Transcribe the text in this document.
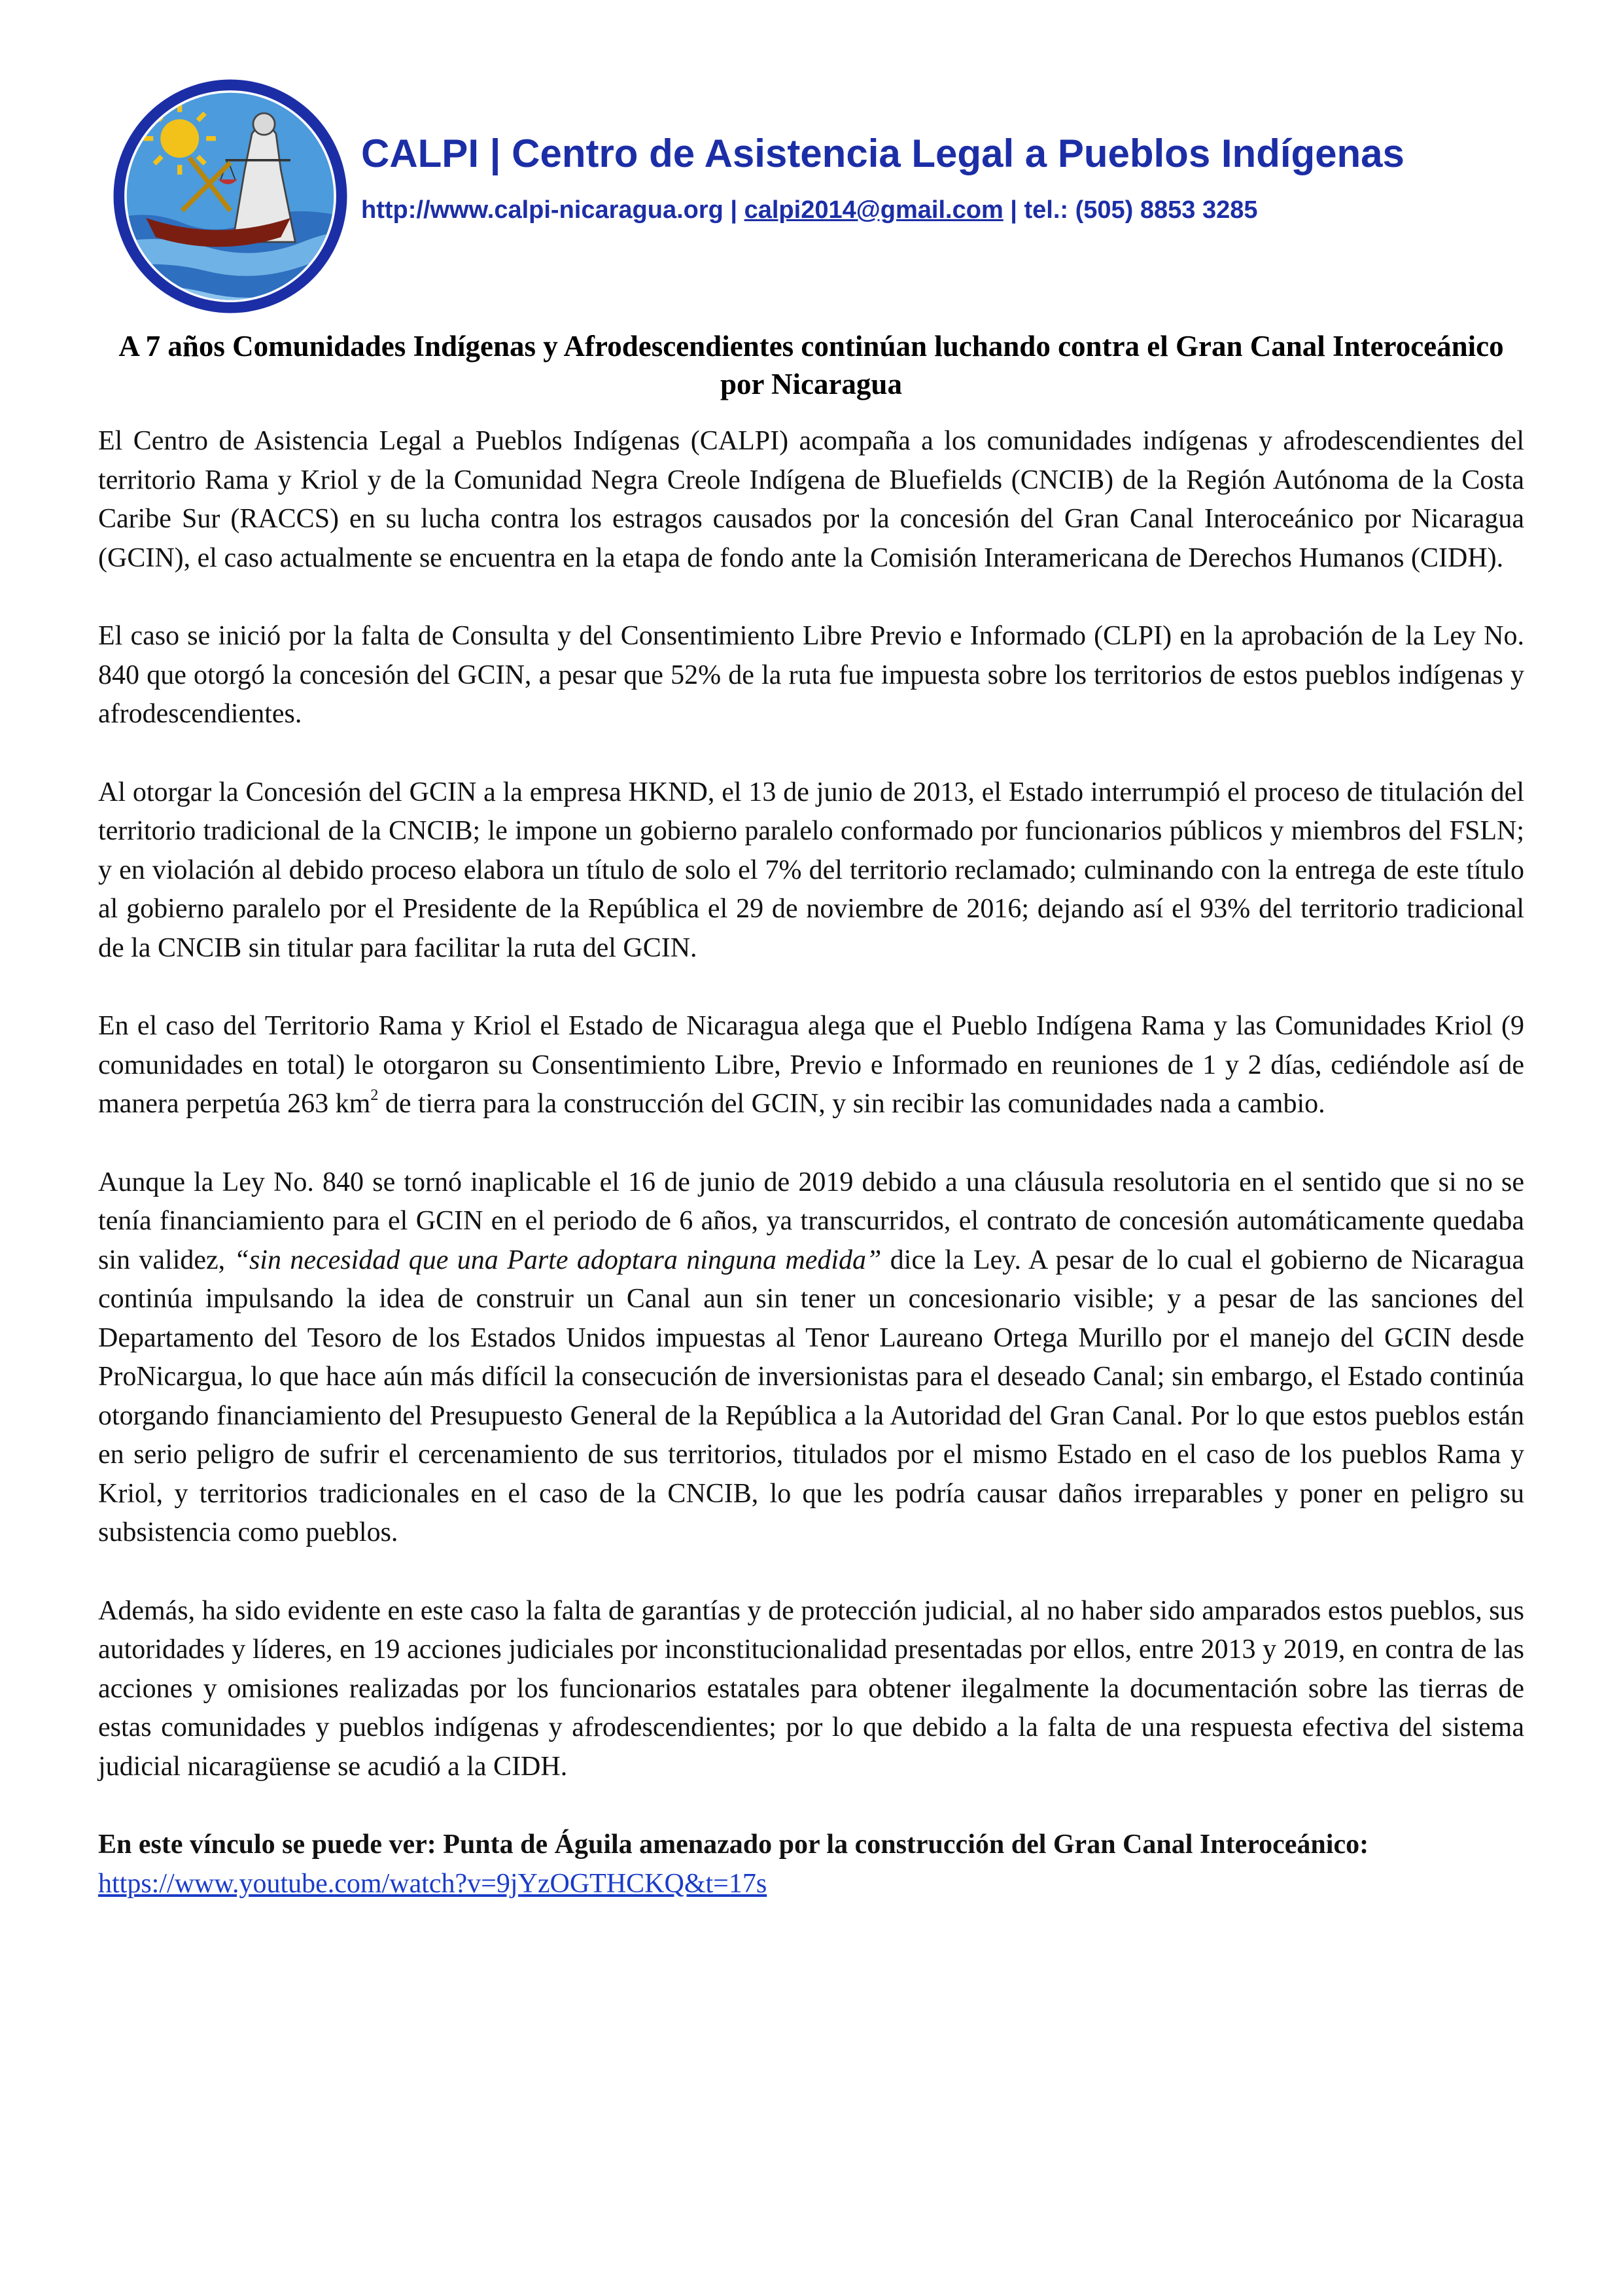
CALPI | Centro de Asistencia Legal a Pueblos Indígenas
http://www.calpi-nicaragua.org | calpi2014@gmail.com | tel.: (505) 8853 3285
A 7 años Comunidades Indígenas y Afrodescendientes continúan luchando contra el Gran Canal Interoceánico por Nicaragua

El Centro de Asistencia Legal a Pueblos Indígenas (CALPI) acompaña a los comunidades indígenas y afrodescendientes del territorio Rama y Kriol y de la Comunidad Negra Creole Indígena de Bluefields (CNCIB) de la Región Autónoma de la Costa Caribe Sur (RACCS) en su lucha contra los estragos causados por la concesión del Gran Canal Interoceánico por Nicaragua (GCIN), el caso actualmente se encuentra en la etapa de fondo ante la Comisión Interamericana de Derechos Humanos (CIDH).

El caso se inició por la falta de Consulta y del Consentimiento Libre Previo e Informado (CLPI) en la aprobación de la Ley No. 840 que otorgó la concesión del GCIN, a pesar que 52% de la ruta fue impuesta sobre los territorios de estos pueblos indígenas y afrodescendientes.

Al otorgar la Concesión del GCIN a la empresa HKND, el 13 de junio de 2013, el Estado interrumpió el proceso de titulación del territorio tradicional de la CNCIB; le impone un gobierno paralelo conformado por funcionarios públicos y miembros del FSLN; y en violación al debido proceso elabora un título de solo el 7% del territorio reclamado; culminando con la entrega de este título al gobierno paralelo por el Presidente de la República el 29 de noviembre de 2016; dejando así el 93% del territorio tradicional de la CNCIB sin titular para facilitar la ruta del GCIN.

En el caso del Territorio Rama y Kriol el Estado de Nicaragua alega que el Pueblo Indígena Rama y las Comunidades Kriol (9 comunidades en total) le otorgaron su Consentimiento Libre, Previo e Informado en reuniones de 1 y 2 días, cediéndole así de manera perpetúa 263 $km^2$ de tierra para la construcción del GCIN, y sin recibir las comunidades nada a cambio.

Aunque la Ley No. 840 se tornó inaplicable el 16 de junio de 2019 debido a una cláusula resolutoria en el sentido que si no se tenía financiamiento para el GCIN en el periodo de 6 años, ya transcurridos, el contrato de concesión automáticamente quedaba sin validez, “sin necesidad que una Parte adoptara ninguna medida” dice la Ley. A pesar de lo cual el gobierno de Nicaragua continúa impulsando la idea de construir un Canal aun sin tener un concesionario visible; y a pesar de las sanciones del Departamento del Tesoro de los Estados Unidos impuestas al Tenor Laureano Ortega Murillo por el manejo del GCIN desde ProNicargua, lo que hace aún más difícil la consecución de inversionistas para el deseado Canal; sin embargo, el Estado continúa otorgando financiamiento del Presupuesto General de la República a la Autoridad del Gran Canal. Por lo que estos pueblos están en serio peligro de sufrir el cercenamiento de sus territorios, titulados por el mismo Estado en el caso de los pueblos Rama y Kriol, y territorios tradicionales en el caso de la CNCIB, lo que les podría causar daños irreparables y poner en peligro su subsistencia como pueblos.

Además, ha sido evidente en este caso la falta de garantías y de protección judicial, al no haber sido amparados estos pueblos, sus autoridades y líderes, en 19 acciones judiciales por inconstitucionalidad presentadas por ellos, entre 2013 y 2019, en contra de las acciones y omisiones realizadas por los funcionarios estatales para obtener ilegalmente la documentación sobre las tierras de estas comunidades y pueblos indígenas y afrodescendientes; por lo que debido a la falta de una respuesta efectiva del sistema judicial nicaragüense se acudió a la CIDH.

En este vínculo se puede ver: Punta de Águila amenazado por la construcción del Gran Canal Interoceánico:
https://www.youtube.com/watch?v=9jYzOGTHCKQ&t=17s
